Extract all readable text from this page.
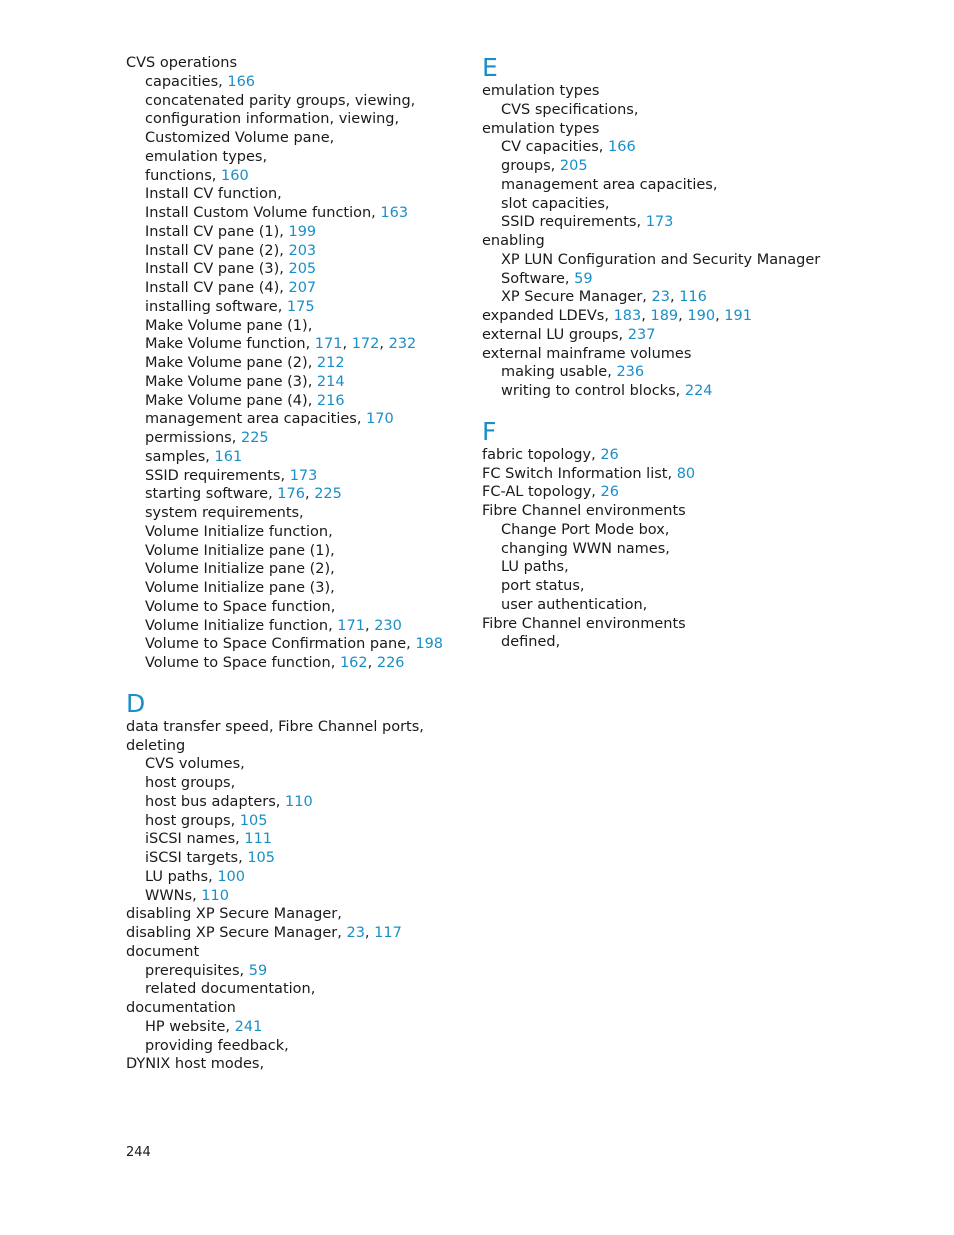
CVS operations
capacities, 166
concatenated parity groups, viewing,
configuration information, viewing,
Customized Volume pane,
emulation types,
functions, 160
Install CV function,
Install Custom Volume function, 163
Install CV pane (1), 199
Install CV pane (2), 203
Install CV pane (3), 205
Install CV pane (4), 207
installing software, 175
Make Volume pane (1),
Make Volume function, 171, 172, 232
Make Volume pane (2), 212
Make Volume pane (3), 214
Make Volume pane (4), 216
management area capacities, 170
permissions, 225
samples, 161
SSID requirements, 173
starting software, 176, 225
system requirements,
Volume Initialize function,
Volume Initialize pane (1),
Volume Initialize pane (2),
Volume Initialize pane (3),
Volume to Space function,
Volume Initialize function, 171, 230
Volume to Space Confirmation pane, 198
Volume to Space function, 162, 226
D
data transfer speed, Fibre Channel ports,
deleting
CVS volumes,
host groups,
host bus adapters, 110
host groups, 105
iSCSI names, 111
iSCSI targets, 105
LU paths, 100
WWNs, 110
disabling XP Secure Manager,
disabling XP Secure Manager, 23, 117
document
prerequisites, 59
related documentation,
documentation
HP website, 241
providing feedback,
DYNIX host modes,
E
emulation types
CVS specifications,
emulation types
CV capacities, 166
groups, 205
management area capacities,
slot capacities,
SSID requirements, 173
enabling
XP LUN Configuration and Security Manager
Software, 59
XP Secure Manager, 23, 116
expanded LDEVs, 183, 189, 190, 191
external LU groups, 237
external mainframe volumes
making usable, 236
writing to control blocks, 224
F
fabric topology, 26
FC Switch Information list, 80
FC-AL topology, 26
Fibre Channel environments
Change Port Mode box,
changing WWN names,
LU paths,
port status,
user authentication,
Fibre Channel environments
defined,
244
